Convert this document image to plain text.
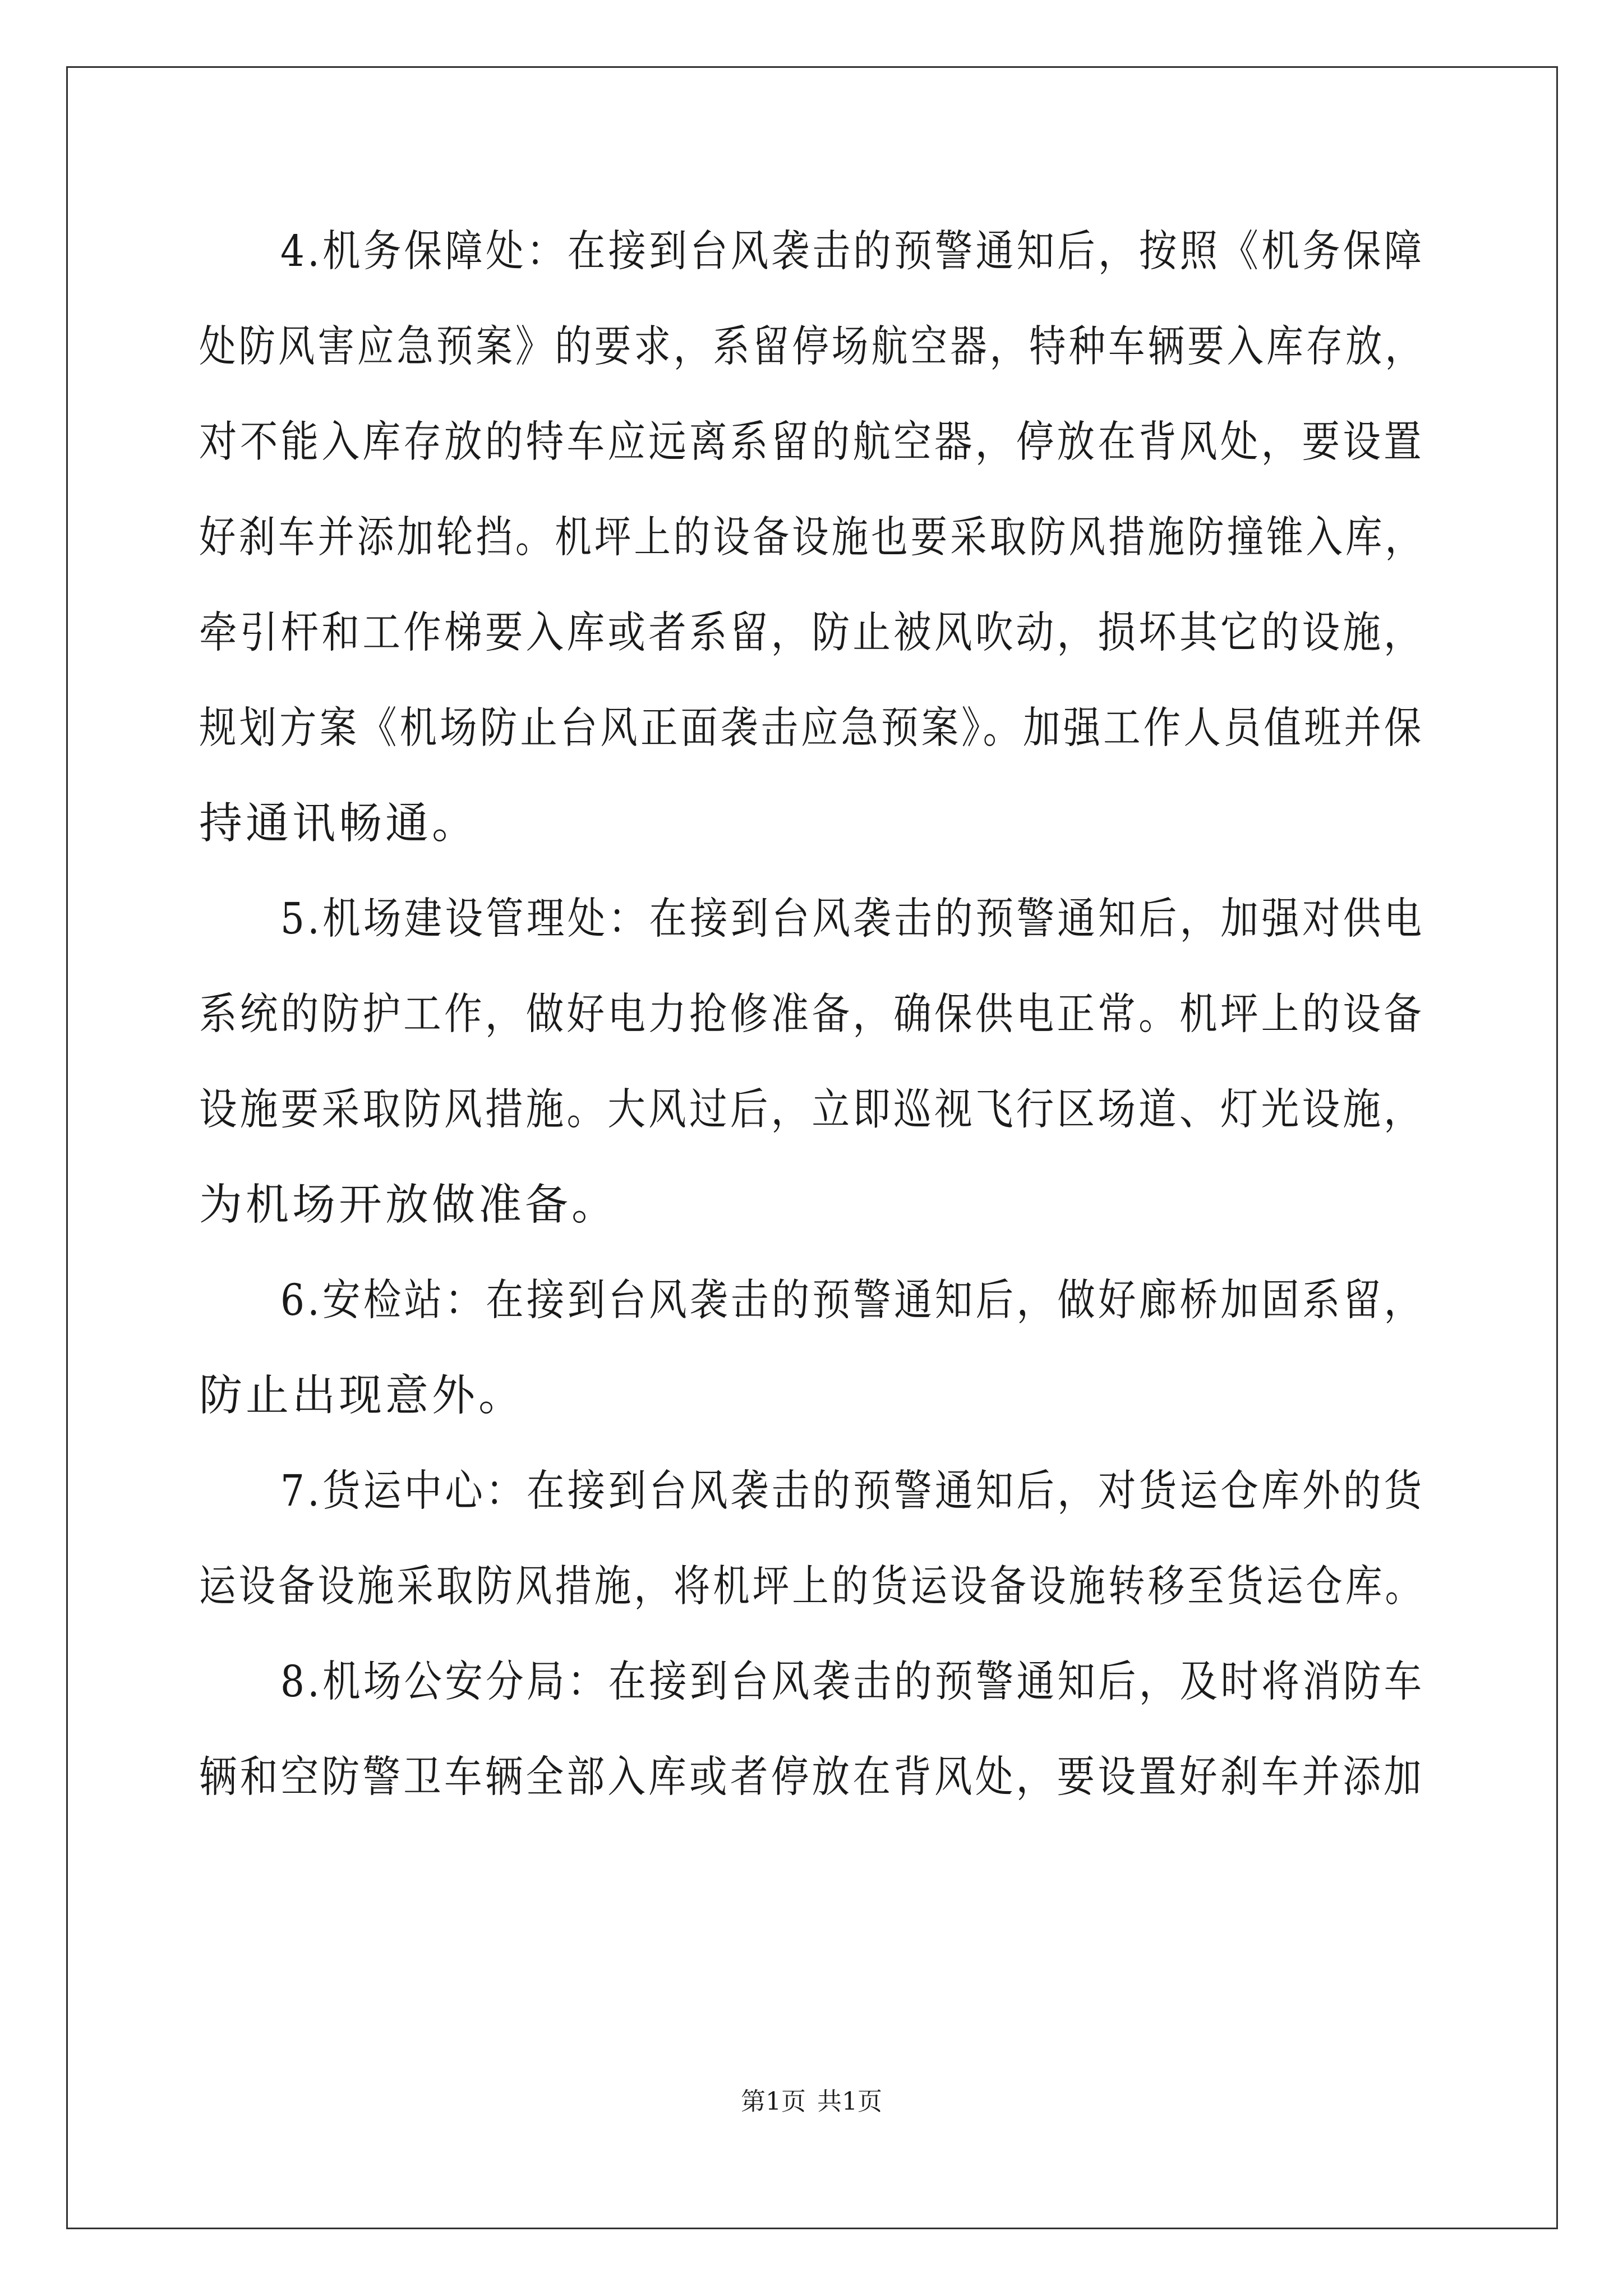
4.机务保障处：在接到台风袭击的预警通知后，按照《机务保障

处防风害应急预案》的要求，系留停场航空器，特种车辆要入库存放，

对不能入库存放的特车应远离系留的航空器，停放在背风处，要设置

好刹车并添加轮挡。机坪上的设备设施也要采取防风措施防撞锥入库，

牵引杆和工作梯要入库或者系留，防止被风吹动，损坏其它的设施，

规划方案《机场防止台风正面袭击应急预案》。加强工作人员值班并保

持通讯畅通。

5.机场建设管理处：在接到台风袭击的预警通知后，加强对供电

系统的防护工作，做好电力抢修准备，确保供电正常。机坪上的设备

设施要采取防风措施。大风过后，立即巡视飞行区场道、灯光设施，

为机场开放做准备。

6.安检站：在接到台风袭击的预警通知后，做好廊桥加固系留，

防止出现意外。

7.货运中心：在接到台风袭击的预警通知后，对货运仓库外的货

运设备设施采取防风措施，将机坪上的货运设备设施转移至货运仓库。

8.机场公安分局：在接到台风袭击的预警通知后，及时将消防车

辆和空防警卫车辆全部入库或者停放在背风处，要设置好刹车并添加

第1页 共1页
